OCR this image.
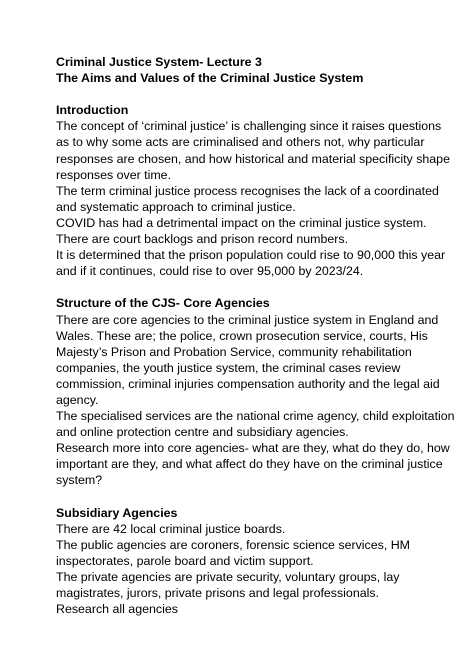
Criminal Justice System- Lecture 3
The Aims and Values of the Criminal Justice System
Introduction

The concept of ‘criminal justice’ is challenging since it raises questions as to why some acts are criminalised and others not, why particular responses are chosen, and how historical and material specificity shape responses over time.

The term criminal justice process recognises the lack of a coordinated and systematic approach to criminal justice.

COVID has had a detrimental impact on the criminal justice system. There are court backlogs and prison record numbers.

It is determined that the prison population could rise to 90,000 this year and if it continues, could rise to over 95,000 by 2023/24.

Structure of the CJS- Core Agencies

There are core agencies to the criminal justice system in England and Wales. These are; the police, crown prosecution service, courts, His Majesty’s Prison and Probation Service, community rehabilitation companies, the youth justice system, the criminal cases review commission, criminal injuries compensation authority and the legal aid agency.

The specialised services are the national crime agency, child exploitation and online protection centre and subsidiary agencies.

Research more into core agencies- what are they, what do they do, how important are they, and what affect do they have on the criminal justice system?

Subsidiary Agencies

There are 42 local criminal justice boards.

The public agencies are coroners, forensic science services, HM inspectorates, parole board and victim support.

The private agencies are private security, voluntary groups, lay magistrates, jurors, private prisons and legal professionals.

Research all agencies
